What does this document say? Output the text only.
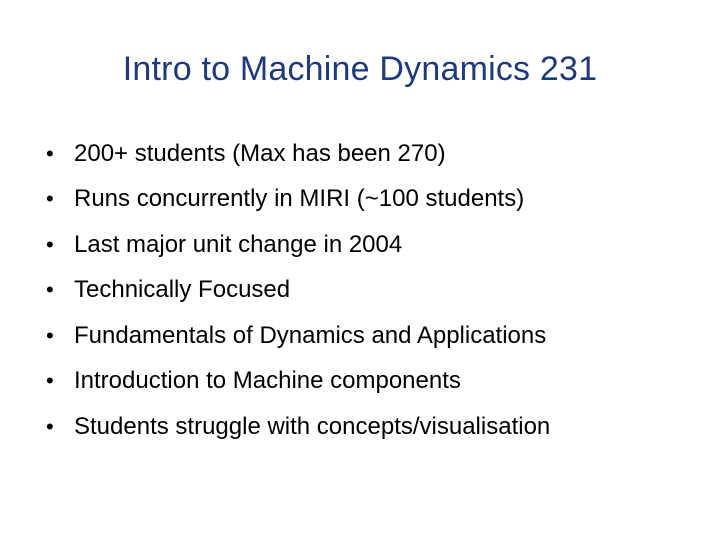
Intro to Machine Dynamics 231
• 200+ students (Max has been 270)
• Runs concurrently in MIRI (~100 students)
• Last major unit change in 2004
• Technically Focused
• Fundamentals of Dynamics and Applications
• Introduction to Machine components
• Students struggle with concepts/visualisation
